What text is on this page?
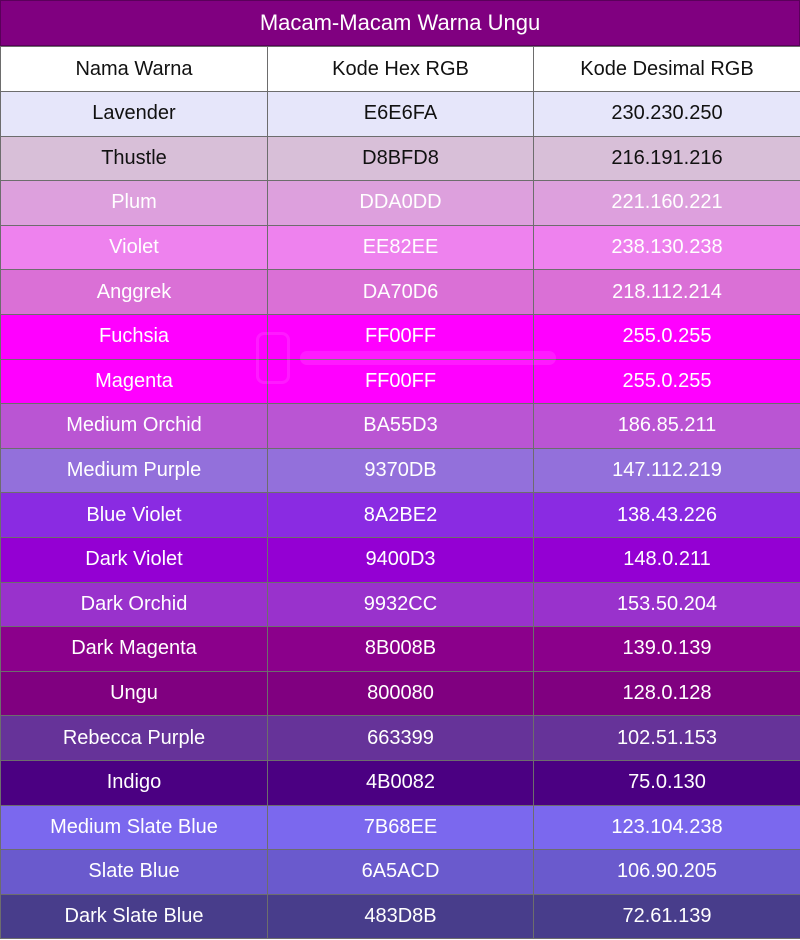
Macam-Macam Warna Ungu
Nama Warna	Kode Hex RGB	Kode Desimal RGB
Lavender	E6E6FA	230.230.250
Thustle	D8BFD8	216.191.216
Plum	DDA0DD	221.160.221
Violet	EE82EE	238.130.238
Anggrek	DA70D6	218.112.214
Fuchsia	FF00FF	255.0.255
Magenta	FF00FF	255.0.255
Medium Orchid	BA55D3	186.85.211
Medium Purple	9370DB	147.112.219
Blue Violet	8A2BE2	138.43.226
Dark Violet	9400D3	148.0.211
Dark Orchid	9932CC	153.50.204
Dark Magenta	8B008B	139.0.139
Ungu	800080	128.0.128
Rebecca Purple	663399	102.51.153
Indigo	4B0082	75.0.130
Medium Slate Blue	7B68EE	123.104.238
Slate Blue	6A5ACD	106.90.205
Dark Slate Blue	483D8B	72.61.139
